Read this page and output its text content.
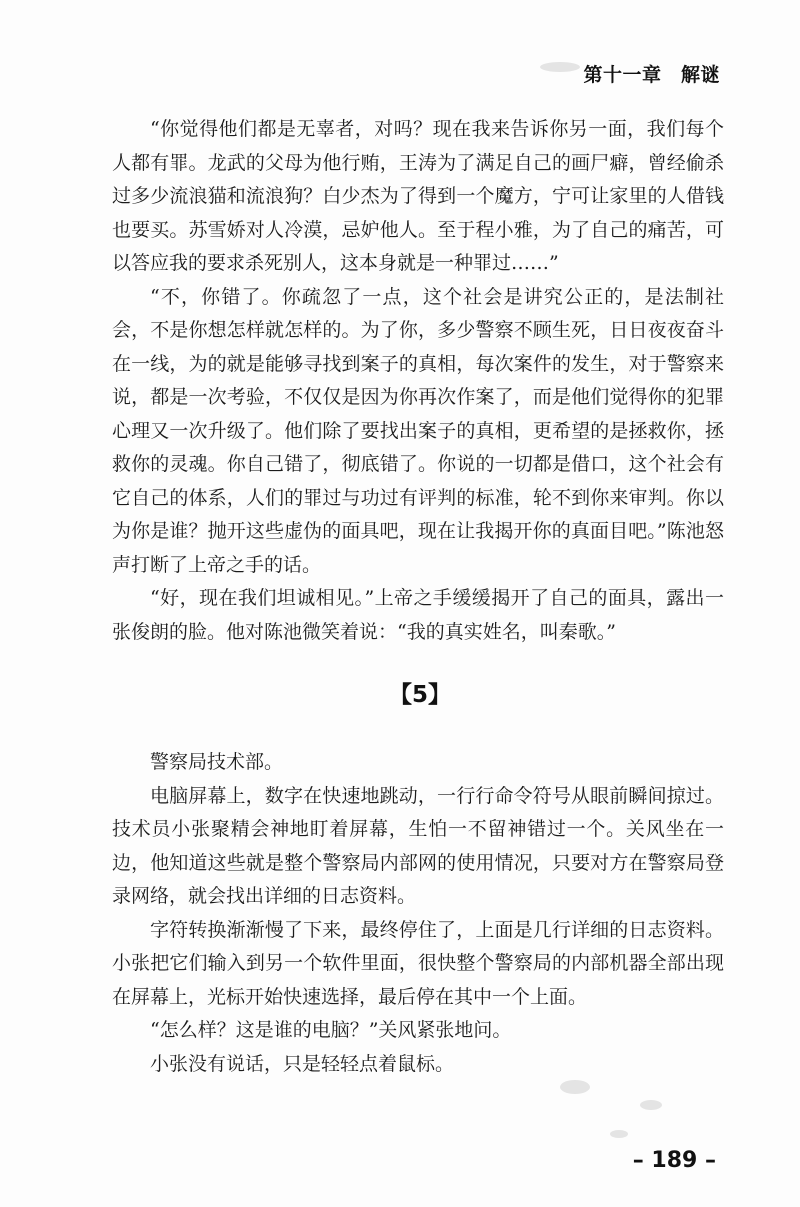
第十一章　解谜

“你觉得他们都是无辜者，对吗？现在我来告诉你另一面，我们每个人都有罪。龙武的父母为他行贿，王涛为了满足自己的画尸癖，曾经偷杀过多少流浪猫和流浪狗？白少杰为了得到一个魔方，宁可让家里的人借钱也要买。苏雪娇对人冷漠，忌妒他人。至于程小雅，为了自己的痛苦，可以答应我的要求杀死别人，这本身就是一种罪过……”

“不，你错了。你疏忽了一点，这个社会是讲究公正的，是法制社会，不是你想怎样就怎样的。为了你，多少警察不顾生死，日日夜夜奋斗在一线，为的就是能够寻找到案子的真相，每次案件的发生，对于警察来说，都是一次考验，不仅仅是因为你再次作案了，而是他们觉得你的犯罪心理又一次升级了。他们除了要找出案子的真相，更希望的是拯救你，拯救你的灵魂。你自己错了，彻底错了。你说的一切都是借口，这个社会有它自己的体系，人们的罪过与功过有评判的标准，轮不到你来审判。你以为你是谁？抛开这些虚伪的面具吧，现在让我揭开你的真面目吧。”陈池怒声打断了上帝之手的话。

“好，现在我们坦诚相见。”上帝之手缓缓揭开了自己的面具，露出一张俊朗的脸。他对陈池微笑着说：“我的真实姓名，叫秦歌。”

【5】

警察局技术部。

电脑屏幕上，数字在快速地跳动，一行行命令符号从眼前瞬间掠过。技术员小张聚精会神地盯着屏幕，生怕一不留神错过一个。关风坐在一边，他知道这些就是整个警察局内部网的使用情况，只要对方在警察局登录网络，就会找出详细的日志资料。

字符转换渐渐慢了下来，最终停住了，上面是几行详细的日志资料。小张把它们输入到另一个软件里面，很快整个警察局的内部机器全部出现在屏幕上，光标开始快速选择，最后停在其中一个上面。

“怎么样？这是谁的电脑？”关风紧张地问。

小张没有说话，只是轻轻点着鼠标。

– 189 –
